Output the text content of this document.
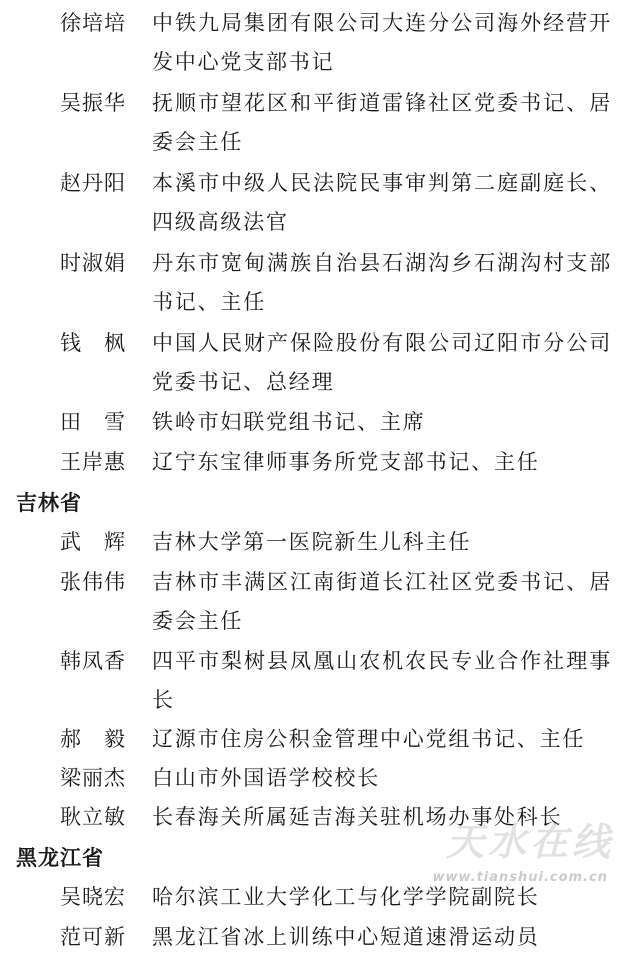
徐培培	中铁九局集团有限公司大连分公司海外经营开发中心党支部书记
吴振华	抚顺市望花区和平街道雷锋社区党委书记、居委会主任
赵丹阳	本溪市中级人民法院民事审判第二庭副庭长、四级高级法官
时淑娟	丹东市宽甸满族自治县石湖沟乡石湖沟村支部书记、主任
钱枫 中国人民财产保险股份有限公司辽阳市分公司党委书记、总经理
田雪 铁岭市妇联党组书记、主席
王岸惠	辽宁东宝律师事务所党支部书记、主任
吉林省
武辉 吉林大学第一医院新生儿科主任
张伟伟	吉林市丰满区江南街道长江社区党委书记、居委会主任
韩凤香	四平市梨树县凤凰山农机农民专业合作社理事长
郝毅 辽源市住房公积金管理中心党组书记、主任
梁丽杰	白山市外国语学校校长
耿立敏	长春海关所属延吉海关驻机场办事处科长
黑龙江省
吴晓宏	哈尔滨工业大学化工与化学学院副院长
范可新	黑龙江省冰上训练中心短道速滑运动员
天水在线
www.tianshui.com.cn
